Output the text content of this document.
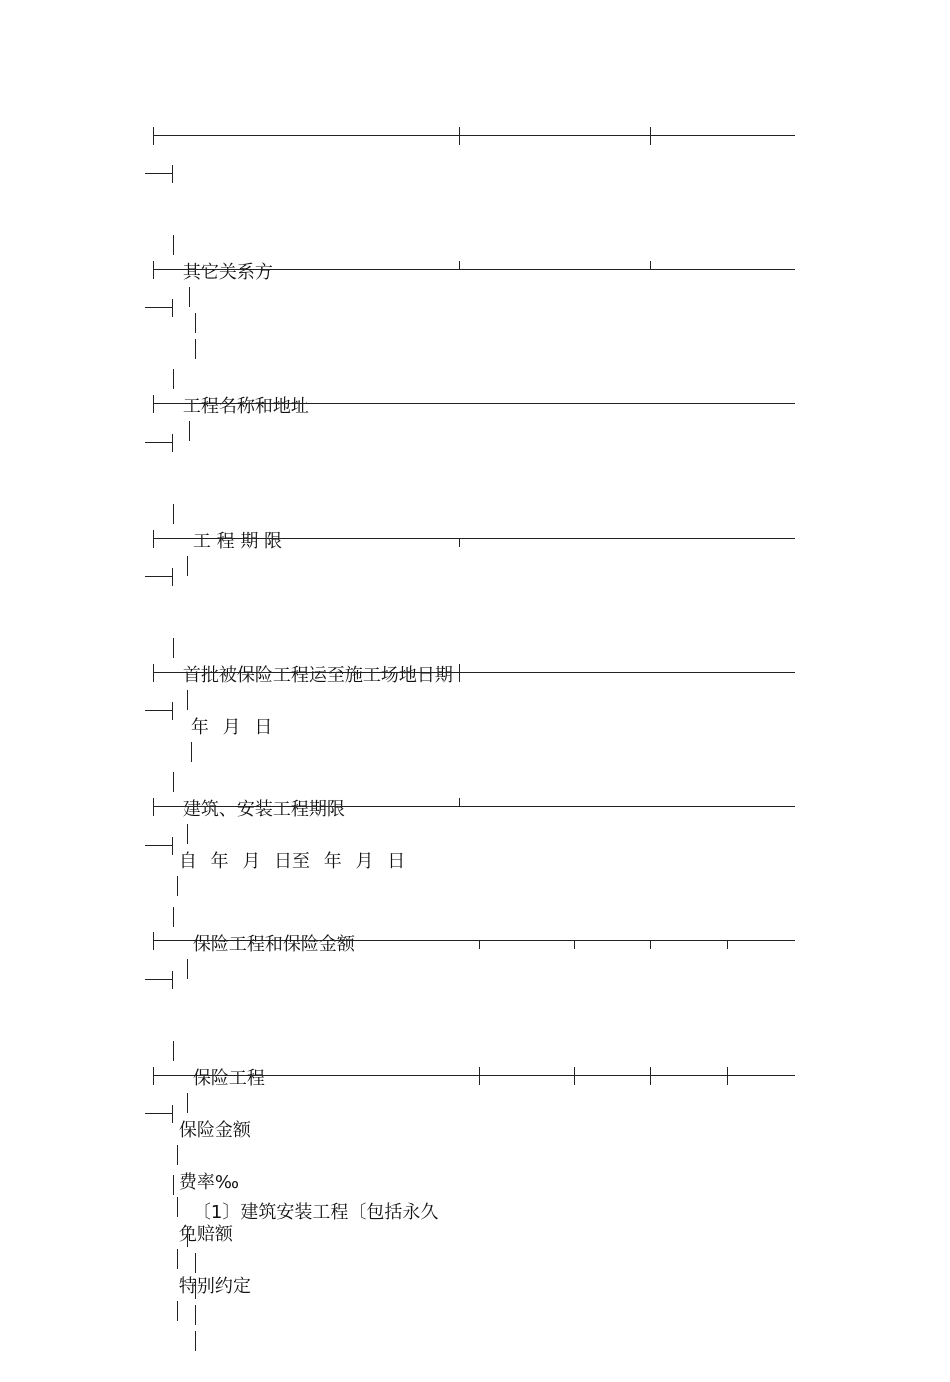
其它关系方

工程名称和地址

工 程 期 限

首批被保险工程运至施工场地日期

年 月 日

建筑、安装工程期限

自 年 月 日至 年 月 日

保险工程和保险金额

保险工程

保险金额

费率‰

免赔额

特别约定

〔1〕建筑安装工程〔包括永久
